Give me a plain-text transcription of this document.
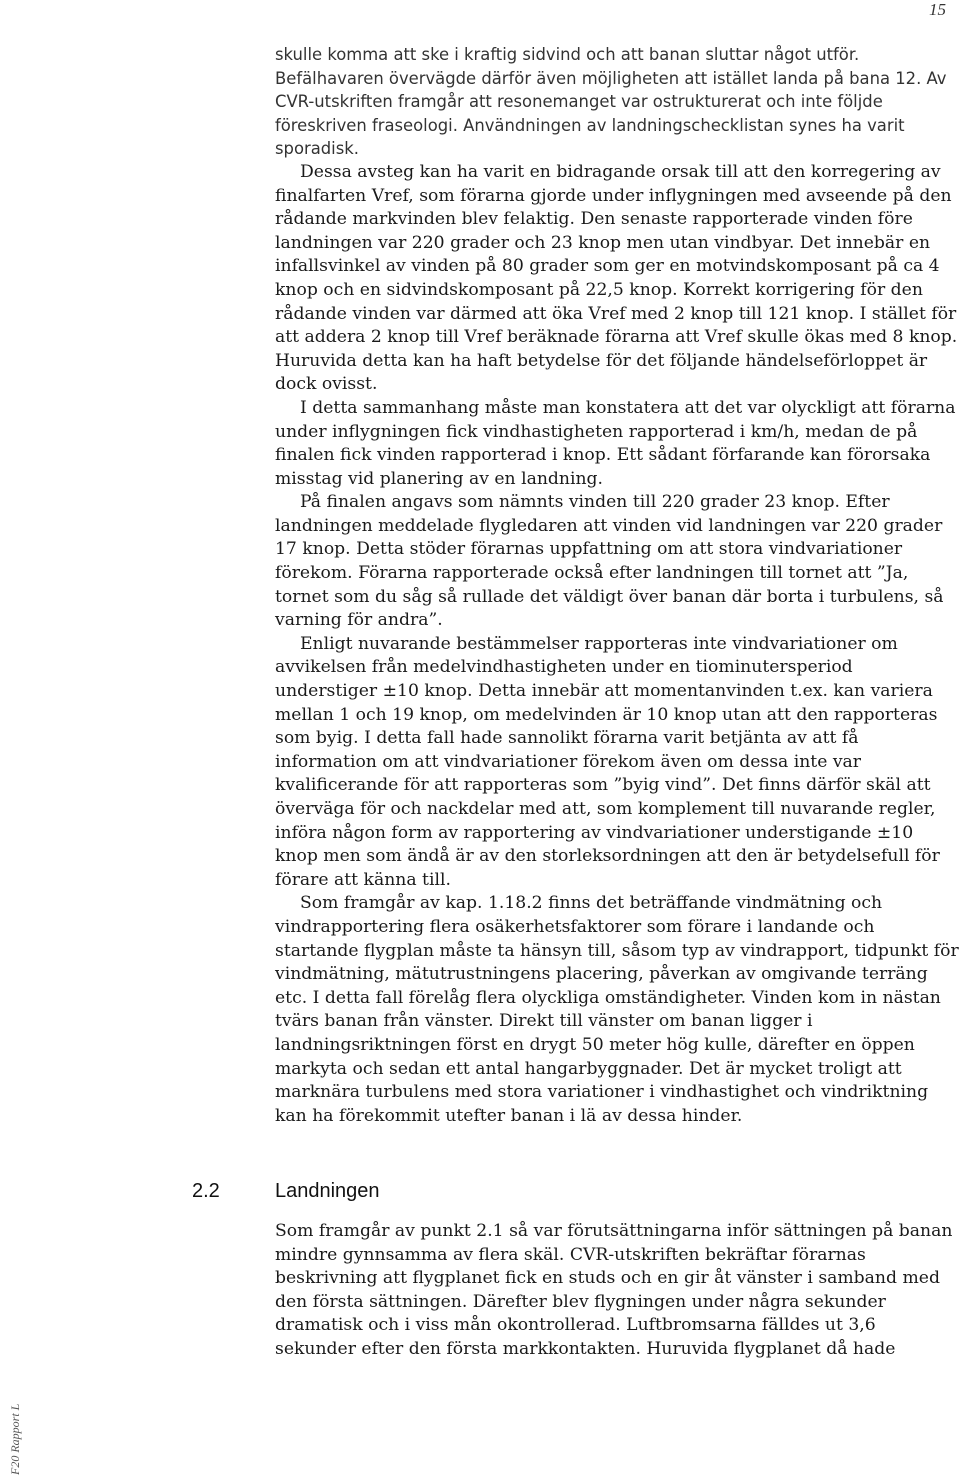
15

skulle komma att ske i kraftig sidvind och att banan sluttar något utför. Befälhavaren övervägde därför även möjligheten att istället landa på bana 12. Av CVR-utskriften framgår att resonemanget var ostrukturerat och inte följde föreskriven fraseologi. Användningen av landningschecklistan synes ha varit sporadisk.

Dessa avsteg kan ha varit en bidragande orsak till att den korregering av finalfarten Vref, som förarna gjorde under inflygningen med avseende på den rådande markvinden blev felaktig. Den senaste rapporterade vinden före landningen var 220 grader och 23 knop men utan vindbyar. Det innebär en infallsvinkel av vinden på 80 grader som ger en motvindskomposant på ca 4 knop och en sidvindskomposant på 22,5 knop. Korrekt korrigering för den rådande vinden var därmed att öka Vref med 2 knop till 121 knop. I stället för att addera 2 knop till Vref beräknade förarna att Vref skulle ökas med 8 knop. Huruvida detta kan ha haft betydelse för det följande händelseförloppet är dock ovisst.

I detta sammanhang måste man konstatera att det var olyckligt att förarna under inflygningen fick vindhastigheten rapporterad i km/h, medan de på finalen fick vinden rapporterad i knop. Ett sådant förfarande kan förorsaka misstag vid planering av en landning.

På finalen angavs som nämnts vinden till 220 grader 23 knop. Efter landningen meddelade flygledaren att vinden vid landningen var 220 grader 17 knop. Detta stöder förarnas uppfattning om att stora vindvariationer förekom. Förarna rapporterade också efter landningen till tornet att ”Ja, tornet som du såg så rullade det väldigt över banan där borta i turbulens, så varning för andra”.

Enligt nuvarande bestämmelser rapporteras inte vindvariationer om avvikelsen från medelvindhastigheten under en tiominutersperiod understiger ±10 knop. Detta innebär att momentanvinden t.ex. kan variera mellan 1 och 19 knop, om medelvinden är 10 knop utan att den rapporteras som byig. I detta fall hade sannolikt förarna varit betjänta av att få information om att vindvariationer förekom även om dessa inte var kvalificerande för att rapporteras som ”byig vind”. Det finns därför skäl att överväga för och nackdelar med att, som komplement till nuvarande regler, införa någon form av rapportering av vindvariationer understigande ±10 knop men som ändå är av den storleksordningen att den är betydelsefull för förare att känna till.

Som framgår av kap. 1.18.2 finns det beträffande vindmätning och vindrapportering flera osäkerhetsfaktorer som förare i landande och startande flygplan måste ta hänsyn till, såsom typ av vindrapport, tidpunkt för vindmätning, mätutrustningens placering, påverkan av omgivande terräng etc. I detta fall förelåg flera olyckliga omständigheter. Vinden kom in nästan tvärs banan från vänster. Direkt till vänster om banan ligger i landningsriktningen först en drygt 50 meter hög kulle, därefter en öppen markyta och sedan ett antal hangarbyggnader. Det är mycket troligt att marknära turbulens med stora variationer i vindhastighet och vindriktning kan ha förekommit utefter banan i lä av dessa hinder.

2.2	Landningen

Som framgår av punkt 2.1 så var förutsättningarna inför sättningen på banan mindre gynnsamma av flera skäl. CVR-utskriften bekräftar förarnas beskrivning att flygplanet fick en studs och en gir åt vänster i samband med den första sättningen. Därefter blev flygningen under några sekunder dramatisk och i viss mån okontrollerad. Luftbromsarna fälldes ut 3,6 sekunder efter den första markkontakten. Huruvida flygplanet då hade

F20 Rapport L
